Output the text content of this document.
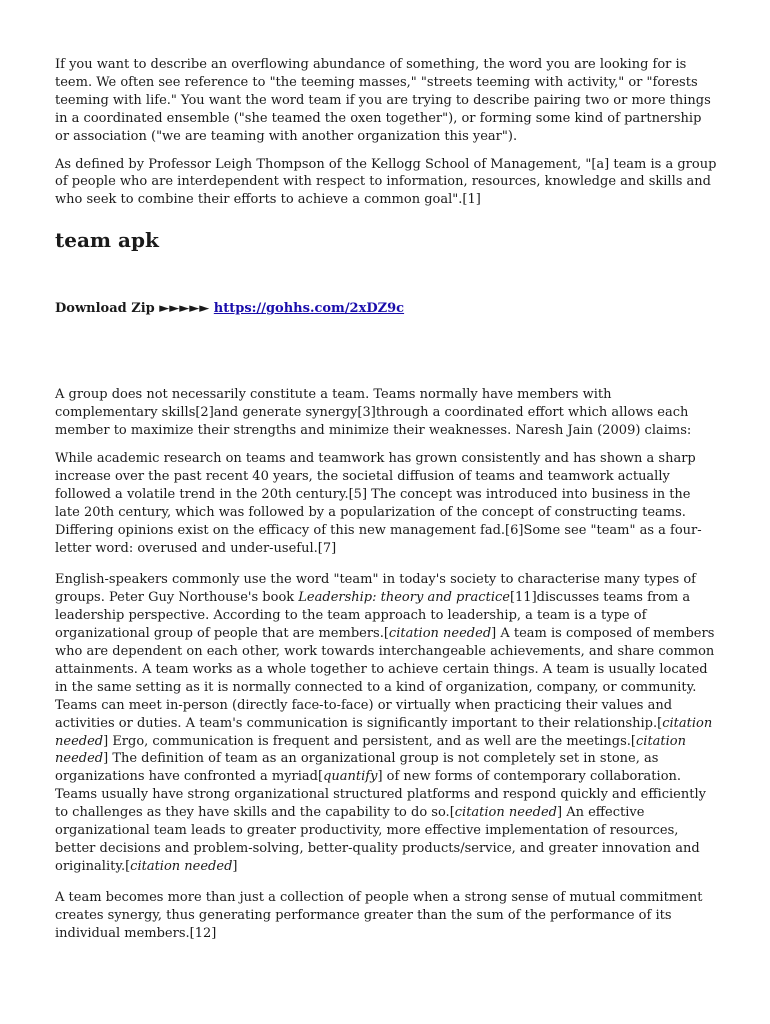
If you want to describe an overflowing abundance of something, the word you are looking for is teem. We often see reference to "the teeming masses," "streets teeming with activity," or "forests teeming with life." You want the word team if you are trying to describe pairing two or more things in a coordinated ensemble ("she teamed the oxen together"), or forming some kind of partnership or association ("we are teaming with another organization this year").

As defined by Professor Leigh Thompson of the Kellogg School of Management, "[a] team is a group of people who are interdependent with respect to information, resources, knowledge and skills and who seek to combine their efforts to achieve a common goal".[1]

team apk
Download Zip ►►►►► https://gohhs.com/2xDZ9c

A group does not necessarily constitute a team. Teams normally have members with complementary skills[2]and generate synergy[3]through a coordinated effort which allows each member to maximize their strengths and minimize their weaknesses. Naresh Jain (2009) claims:

While academic research on teams and teamwork has grown consistently and has shown a sharp increase over the past recent 40 years, the societal diffusion of teams and teamwork actually followed a volatile trend in the 20th century.[5] The concept was introduced into business in the late 20th century, which was followed by a popularization of the concept of constructing teams. Differing opinions exist on the efficacy of this new management fad.[6]Some see "team" as a four-letter word: overused and under-useful.[7]

English-speakers commonly use the word "team" in today's society to characterise many types of groups. Peter Guy Northouse's book Leadership: theory and practice[11]discusses teams from a leadership perspective. According to the team approach to leadership, a team is a type of organizational group of people that are members.[citation needed] A team is composed of members who are dependent on each other, work towards interchangeable achievements, and share common attainments. A team works as a whole together to achieve certain things. A team is usually located in the same setting as it is normally connected to a kind of organization, company, or community. Teams can meet in-person (directly face-to-face) or virtually when practicing their values and activities or duties. A team's communication is significantly important to their relationship.[citation needed] Ergo, communication is frequent and persistent, and as well are the meetings.[citation needed] The definition of team as an organizational group is not completely set in stone, as organizations have confronted a myriad[quantify] of new forms of contemporary collaboration. Teams usually have strong organizational structured platforms and respond quickly and efficiently to challenges as they have skills and the capability to do so.[citation needed] An effective organizational team leads to greater productivity, more effective implementation of resources, better decisions and problem-solving, better-quality products/service, and greater innovation and originality.[citation needed]

A team becomes more than just a collection of people when a strong sense of mutual commitment creates synergy, thus generating performance greater than the sum of the performance of its individual members.[12]
